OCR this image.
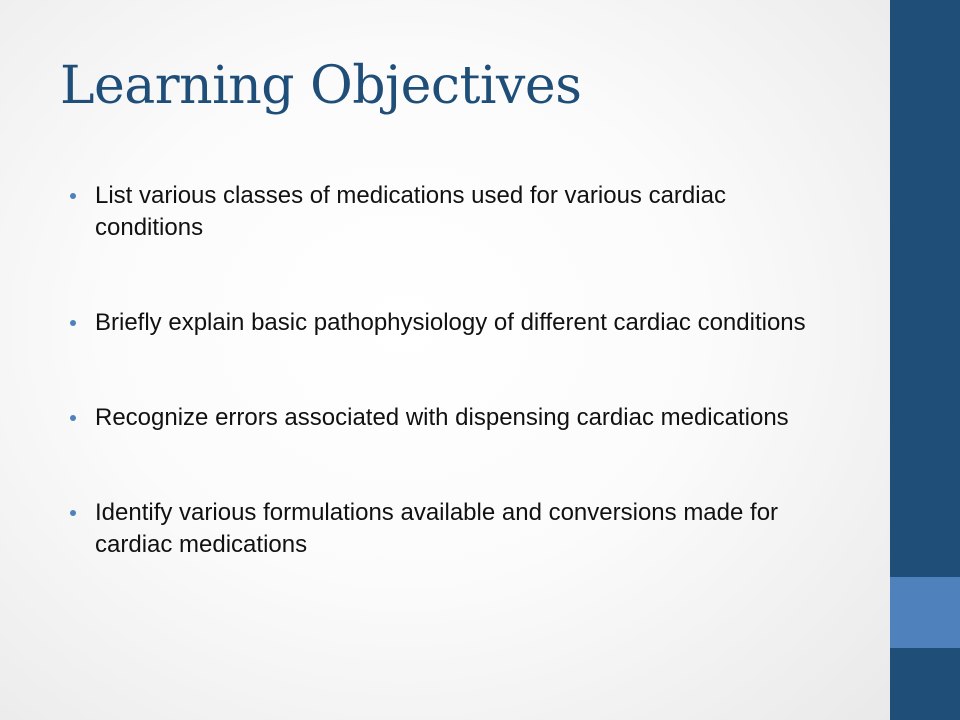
Learning Objectives
List various classes of medications used for various cardiac conditions
Briefly explain basic pathophysiology of different cardiac conditions
Recognize errors associated with dispensing cardiac medications
Identify various formulations available and conversions made for cardiac medications
